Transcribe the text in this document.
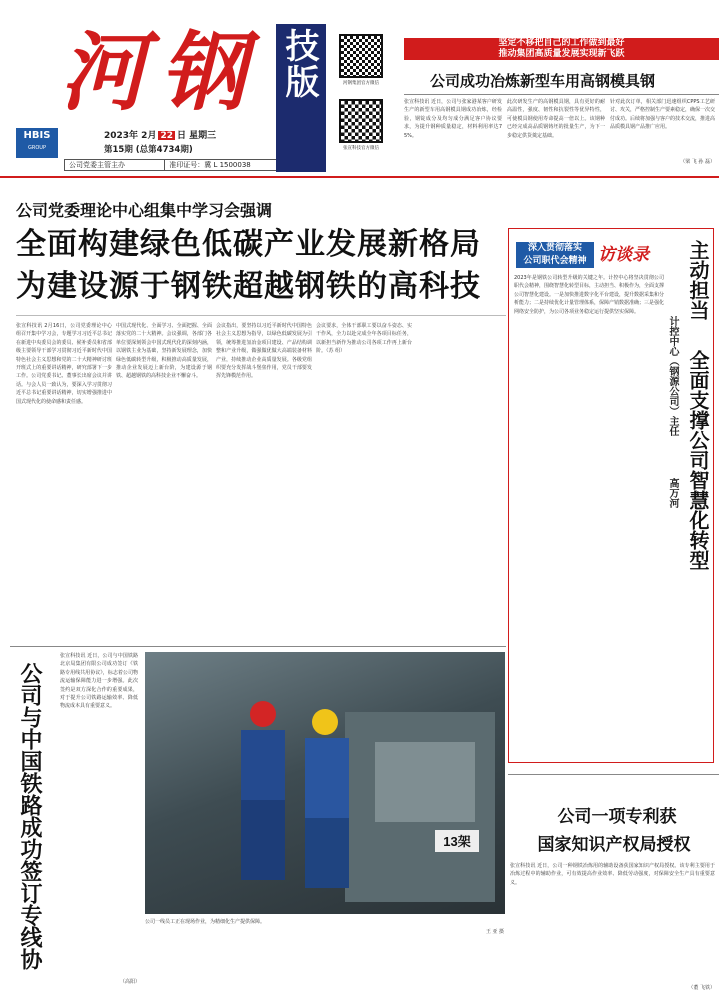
河钢
HBIS
GROUP
2023年 2月 22 日 星期三
第15期 (总第4734期)
公司党委主管主办	准印证号：冀 L 1500038
技版	河钢集团官方微信
张宣科技官方微信
坚定不移把自己的工作做到最好
推动集团高质量发展实现新飞跃
公司成功冶炼新型车用高钢模具钢
张宣科技讯 近日，公司与张家港某客户研发生产的新型车用高钢模具钢成功冶炼，经检验，钢锭成分及均匀成分满足客户协议要求，为提升钢种质量稳定，材料利用率达75%。
此次研发生产的高钢模具钢，具有更好的耐高温性，强度、韧性和抗裂性等优异特性，可使模具钢使用寿命提高一倍以上。该钢种已经完成高品质钢铸坯的批量生产，为下一步稳定供货奠定基础。
针对此次订单，相关部门迅速组织CPPS工艺研讨、攻关，严格控制生产要素稳定，确保一次交付成功。后续将加强与客户的技术交流，推进高品质模具钢产品推广应用。
（梁 飞 孙 磊）
公司党委理论中心组集中学习会强调
全面构建绿色低碳产业发展新格局
为建设源于钢铁超越钢铁的高科技
张宣科技讯 2月16日，公司党委理论中心组召开集中学习会，专题学习习近平总书记在新进中央委员会的委员、候补委员和省部级主要领导干部学习贯彻习近平新时代中国特色社会主义思想和党的二十大精神研讨班开班式上的重要讲话精神，研究部署下一步工作。公司党委书记、董事长出席会议并讲话。与会人员一致认为，要深入学习贯彻习近平总书记重要讲话精神，切实增强推进中国式现代化的使命感和责任感。
中国式现代化、全面学习、全面把握、全面落实党的二十大精神。会议强调，各部门各单位要深刻领会中国式现代化的深刻内涵，以钢铁主业为基础，坚持新发展理念，加快绿色低碳转型升级，积极推动高质量发展，推动企业发展迈上新台阶，为建设源于钢铁、超越钢铁的高科技企业不懈奋斗。
会议指出，要坚持以习近平新时代中国特色社会主义思想为指导，以绿色低碳发展为引领，统筹推进氢冶金项目建设、产品结构调整和产业升级，做强做优做大高端装备材料产业，持续推动企业高质量发展。各级党组织要充分发挥战斗堡垒作用，党员干部要发挥先锋模范作用。
会议要求，全体干部职工要以奋斗姿态、实干作风，全力以赴完成全年各项目标任务，以新担当新作为推动公司各项工作再上新台阶。（苏 组）
公司与中国铁路成功签订专线协
张宣科技讯 近日，公司与中国铁路北京局集团有限公司成功签订《铁路专用线共用协议》，标志着公司物流运输保障能力进一步增强。此次签约是双方深化合作的重要成果，对于提升公司铁路运输效率、降低物流成本具有重要意义。
（高阳）
13架
公司一线员工正在现场作业，为精细化生产提供保障。
王 亚 摄
深入贯彻落实
公司职代会精神 访谈录
2023年是钢铁公司转型升级的关键之年。计控中心将坚决贯彻公司职代会精神，围绕智慧化转型目标，主动担当、积极作为，全面支撑公司智慧化建设。一是加快推进数字化平台建设，提升数据采集和分析能力；二是持续优化计量管理体系，保障产销数据准确；三是强化网络安全防护，为公司各项业务稳定运行提供坚实保障。	主动担当
全面支撑公司智慧化转型
计控中心（钢源公司）主任
高万河
公司一项专利获
国家知识产权局授权
张宣科技讯 近日，公司一种钢铁冶炼用的辅助设备获国家知识产权局授权。该专利主要用于冶炼过程中的辅助作业，可有效提高作业效率、降低劳动强度，对保障安全生产具有重要意义。
（董 飞铁）
